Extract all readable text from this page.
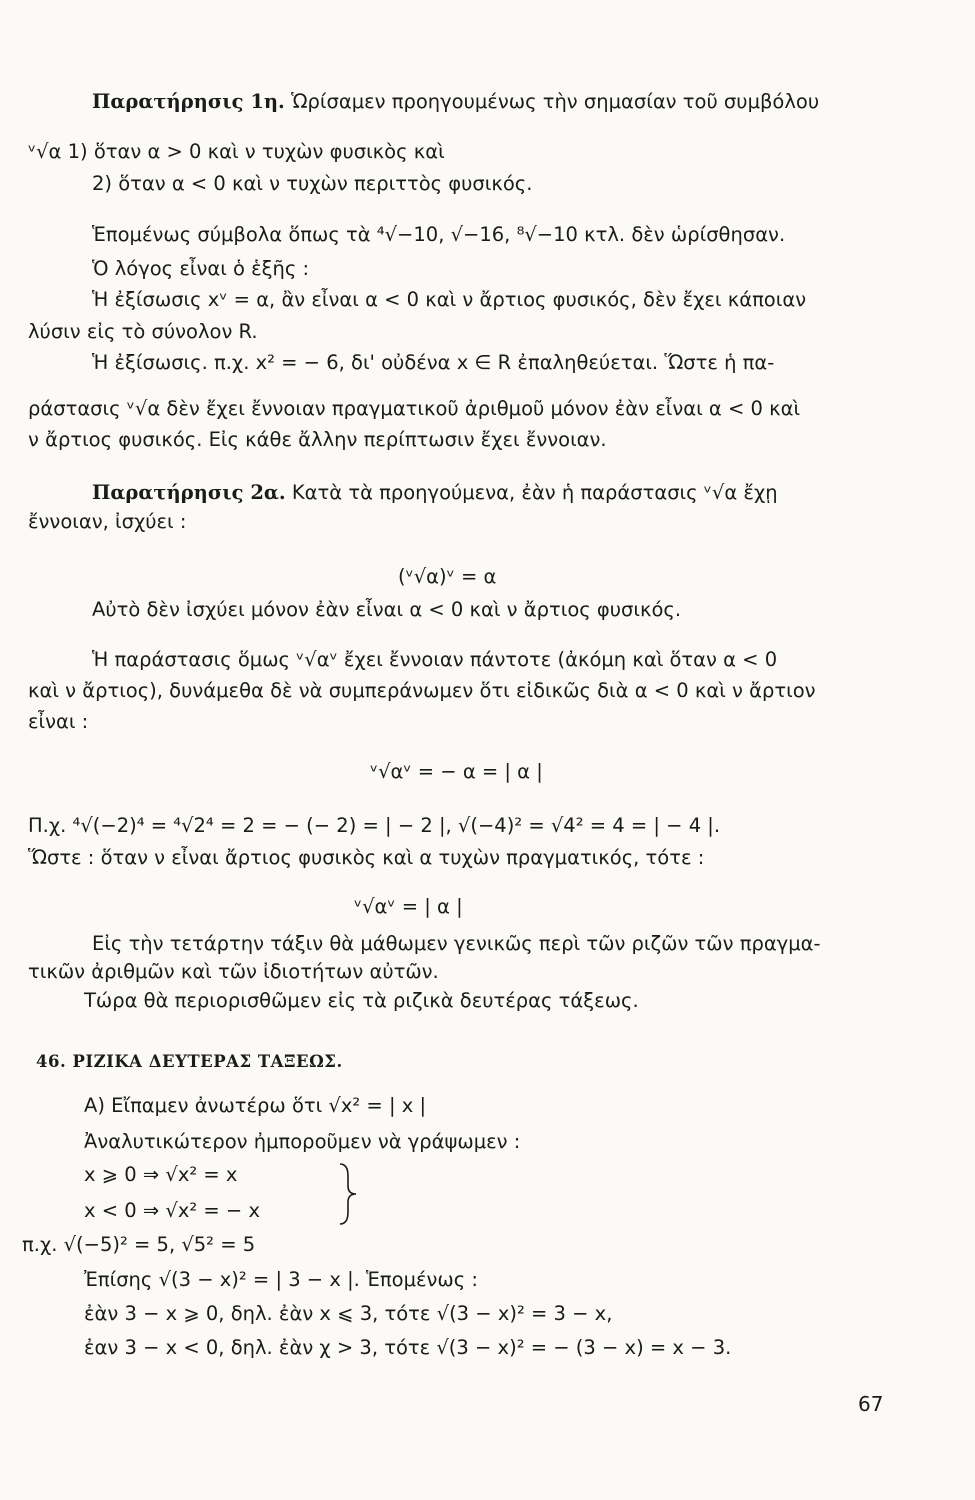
Παρατήρησις 1η. Ὡρίσαμεν προηγουμένως τὴν σημασίαν τοῦ συμβόλου
ᵛ√α 1) ὅταν α > 0 καὶ ν τυχὼν φυσικὸς καὶ
2) ὅταν α < 0 καὶ ν τυχὼν περιττὸς φυσικός.
Ἑπομένως σύμβολα ὅπως τὰ ⁴√−10, √−16, ⁸√−10 κτλ. δὲν ὡρίσθησαν.
Ὁ λόγος εἶναι ὁ ἑξῆς :
Ἡ ἐξίσωσις xᵛ = α, ἂν εἶναι α < 0 καὶ ν ἄρτιος φυσικός, δὲν ἔχει κάποιαν
λύσιν εἰς τὸ σύνολον R.
Ἡ ἐξίσωσις. π.χ. x² = − 6, δι' οὐδένα x ∈ R ἐπαληθεύεται. Ὥστε ἡ πα-
ράστασις ᵛ√α δὲν ἔχει ἔννοιαν πραγματικοῦ ἀριθμοῦ μόνον ἐὰν εἶναι α < 0 καὶ
ν ἄρτιος φυσικός. Εἰς κάθε ἄλλην περίπτωσιν ἔχει ἔννοιαν.
Παρατήρησις 2α. Κατὰ τὰ προηγούμενα, ἐὰν ἡ παράστασις ᵛ√α ἔχῃ
ἔννοιαν, ἰσχύει :
(ᵛ√α)ᵛ = α
Αὐτὸ δὲν ἰσχύει μόνον ἐὰν εἶναι α < 0 καὶ ν ἄρτιος φυσικός.
Ἡ παράστασις ὅμως ᵛ√αᵛ ἔχει ἔννοιαν πάντοτε (ἀκόμη καὶ ὅταν α < 0
καὶ ν ἄρτιος), δυνάμεθα δὲ νὰ συμπεράνωμεν ὅτι εἰδικῶς διὰ α < 0 καὶ ν ἄρτιον
εἶναι :
ᵛ√αᵛ = − α = | α |
Π.χ. ⁴√(−2)⁴ = ⁴√2⁴ = 2 = − (− 2) = | − 2 |, √(−4)² = √4² = 4 = | − 4 |.
Ὥστε : ὅταν ν εἶναι ἄρτιος φυσικὸς καὶ α τυχὼν πραγματικός, τότε :
ᵛ√αᵛ = | α |
Εἰς τὴν τετάρτην τάξιν θὰ μάθωμεν γενικῶς περὶ τῶν ριζῶν τῶν πραγμα-
τικῶν ἀριθμῶν καὶ τῶν ἰδιοτήτων αὐτῶν.
Τώρα θὰ περιορισθῶμεν εἰς τὰ ριζικὰ δευτέρας τάξεως.
46. ΡΙΖΙΚΑ ΔΕΥΤΕΡΑΣ ΤΑΞΕΩΣ.
Α) Εἴπαμεν ἀνωτέρω ὅτι √x² = | x |
Ἀναλυτικώτερον ἠμποροῦμεν νὰ γράψωμεν :
x ⩾ 0 ⇒ √x² = x
x < 0 ⇒ √x² = − x
π.χ. √(−5)² = 5, √5² = 5
Ἐπίσης √(3 − x)² = | 3 − x |. Ἑπομένως :
ἐὰν 3 − x ⩾ 0, δηλ. ἐὰν x ⩽ 3, τότε √(3 − x)² = 3 − x,
ἐαν 3 − x < 0, δηλ. ἐὰν χ > 3, τότε √(3 − x)² = − (3 − x) = x − 3.
67
